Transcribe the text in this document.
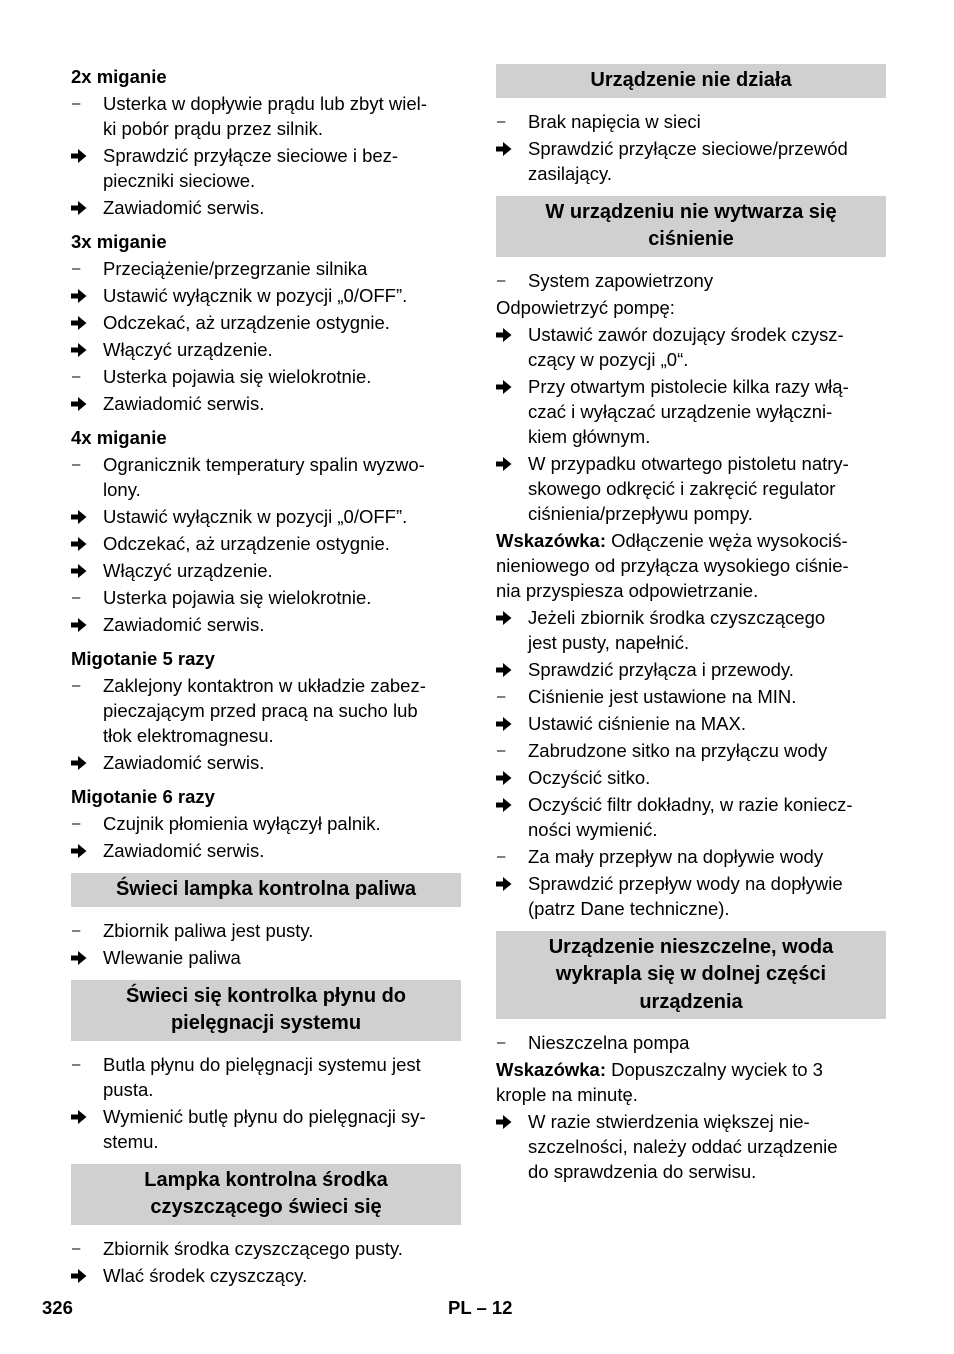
2x miganie
–	Usterka w dopływie prądu lub zbyt wiel-
ki pobór prądu przez silnik.
Sprawdzić przyłącze sieciowe i bez-
pieczniki sieciowe.
Zawiadomić serwis.
3x miganie
–	Przeciążenie/przegrzanie silnika
Ustawić wyłącznik w pozycji „0/OFF”.
Odczekać, aż urządzenie ostygnie.
Włączyć urządzenie.
–	Usterka pojawia się wielokrotnie.
Zawiadomić serwis.
4x miganie
–	Ogranicznik temperatury spalin wyzwo-
lony.
Ustawić wyłącznik w pozycji „0/OFF”.
Odczekać, aż urządzenie ostygnie.
Włączyć urządzenie.
–	Usterka pojawia się wielokrotnie.
Zawiadomić serwis.
Migotanie 5 razy
–	Zaklejony kontaktron w układzie zabez-
pieczającym przed pracą na sucho lub
tłok elektromagnesu.
Zawiadomić serwis.
Migotanie 6 razy
–	Czujnik płomienia wyłączył palnik.
Zawiadomić serwis.
Świeci lampka kontrolna paliwa
–	Zbiornik paliwa jest pusty.
Wlewanie paliwa
Świeci się kontrolka płynu do
pielęgnacji systemu
–	Butla płynu do pielęgnacji systemu jest
pusta.
Wymienić butlę płynu do pielęgnacji sy-
stemu.
Lampka kontrolna środka
czyszczącego świeci się
–	Zbiornik środka czyszczącego pusty.
Wlać środek czyszczący.
Urządzenie nie działa
–	Brak napięcia w sieci
Sprawdzić przyłącze sieciowe/przewód
zasilający.
W urządzeniu nie wytwarza się
ciśnienie
–	System zapowietrzony
Odpowietrzyć pompę:
Ustawić zawór dozujący środek czysz-
czący w pozycji „0“.
Przy otwartym pistolecie kilka razy włą-
czać i wyłączać urządzenie wyłączni-
kiem głównym.
W przypadku otwartego pistoletu natry-
skowego odkręcić i zakręcić regulator
ciśnienia/przepływu pompy.
Wskazówka: Odłączenie węża wysokociś-
nieniowego od przyłącza wysokiego ciśnie-
nia przyspiesza odpowietrzanie.
Jeżeli zbiornik środka czyszczącego
jest pusty, napełnić.
Sprawdzić przyłącza i przewody.
–	Ciśnienie jest ustawione na MIN.
Ustawić ciśnienie na MAX.
–	Zabrudzone sitko na przyłączu wody
Oczyścić sitko.
Oczyścić filtr dokładny, w razie koniecz-
ności wymienić.
–	Za mały przepływ na dopływie wody
Sprawdzić przepływ wody na dopływie
(patrz Dane techniczne).
Urządzenie nieszczelne, woda
wykrapla się w dolnej części
urządzenia
–	Nieszczelna pompa
Wskazówka: Dopuszczalny wyciek to 3
krople na minutę.
W razie stwierdzenia większej nie-
szczelności, należy oddać urządzenie
do sprawdzenia do serwisu.
326	PL – 12
